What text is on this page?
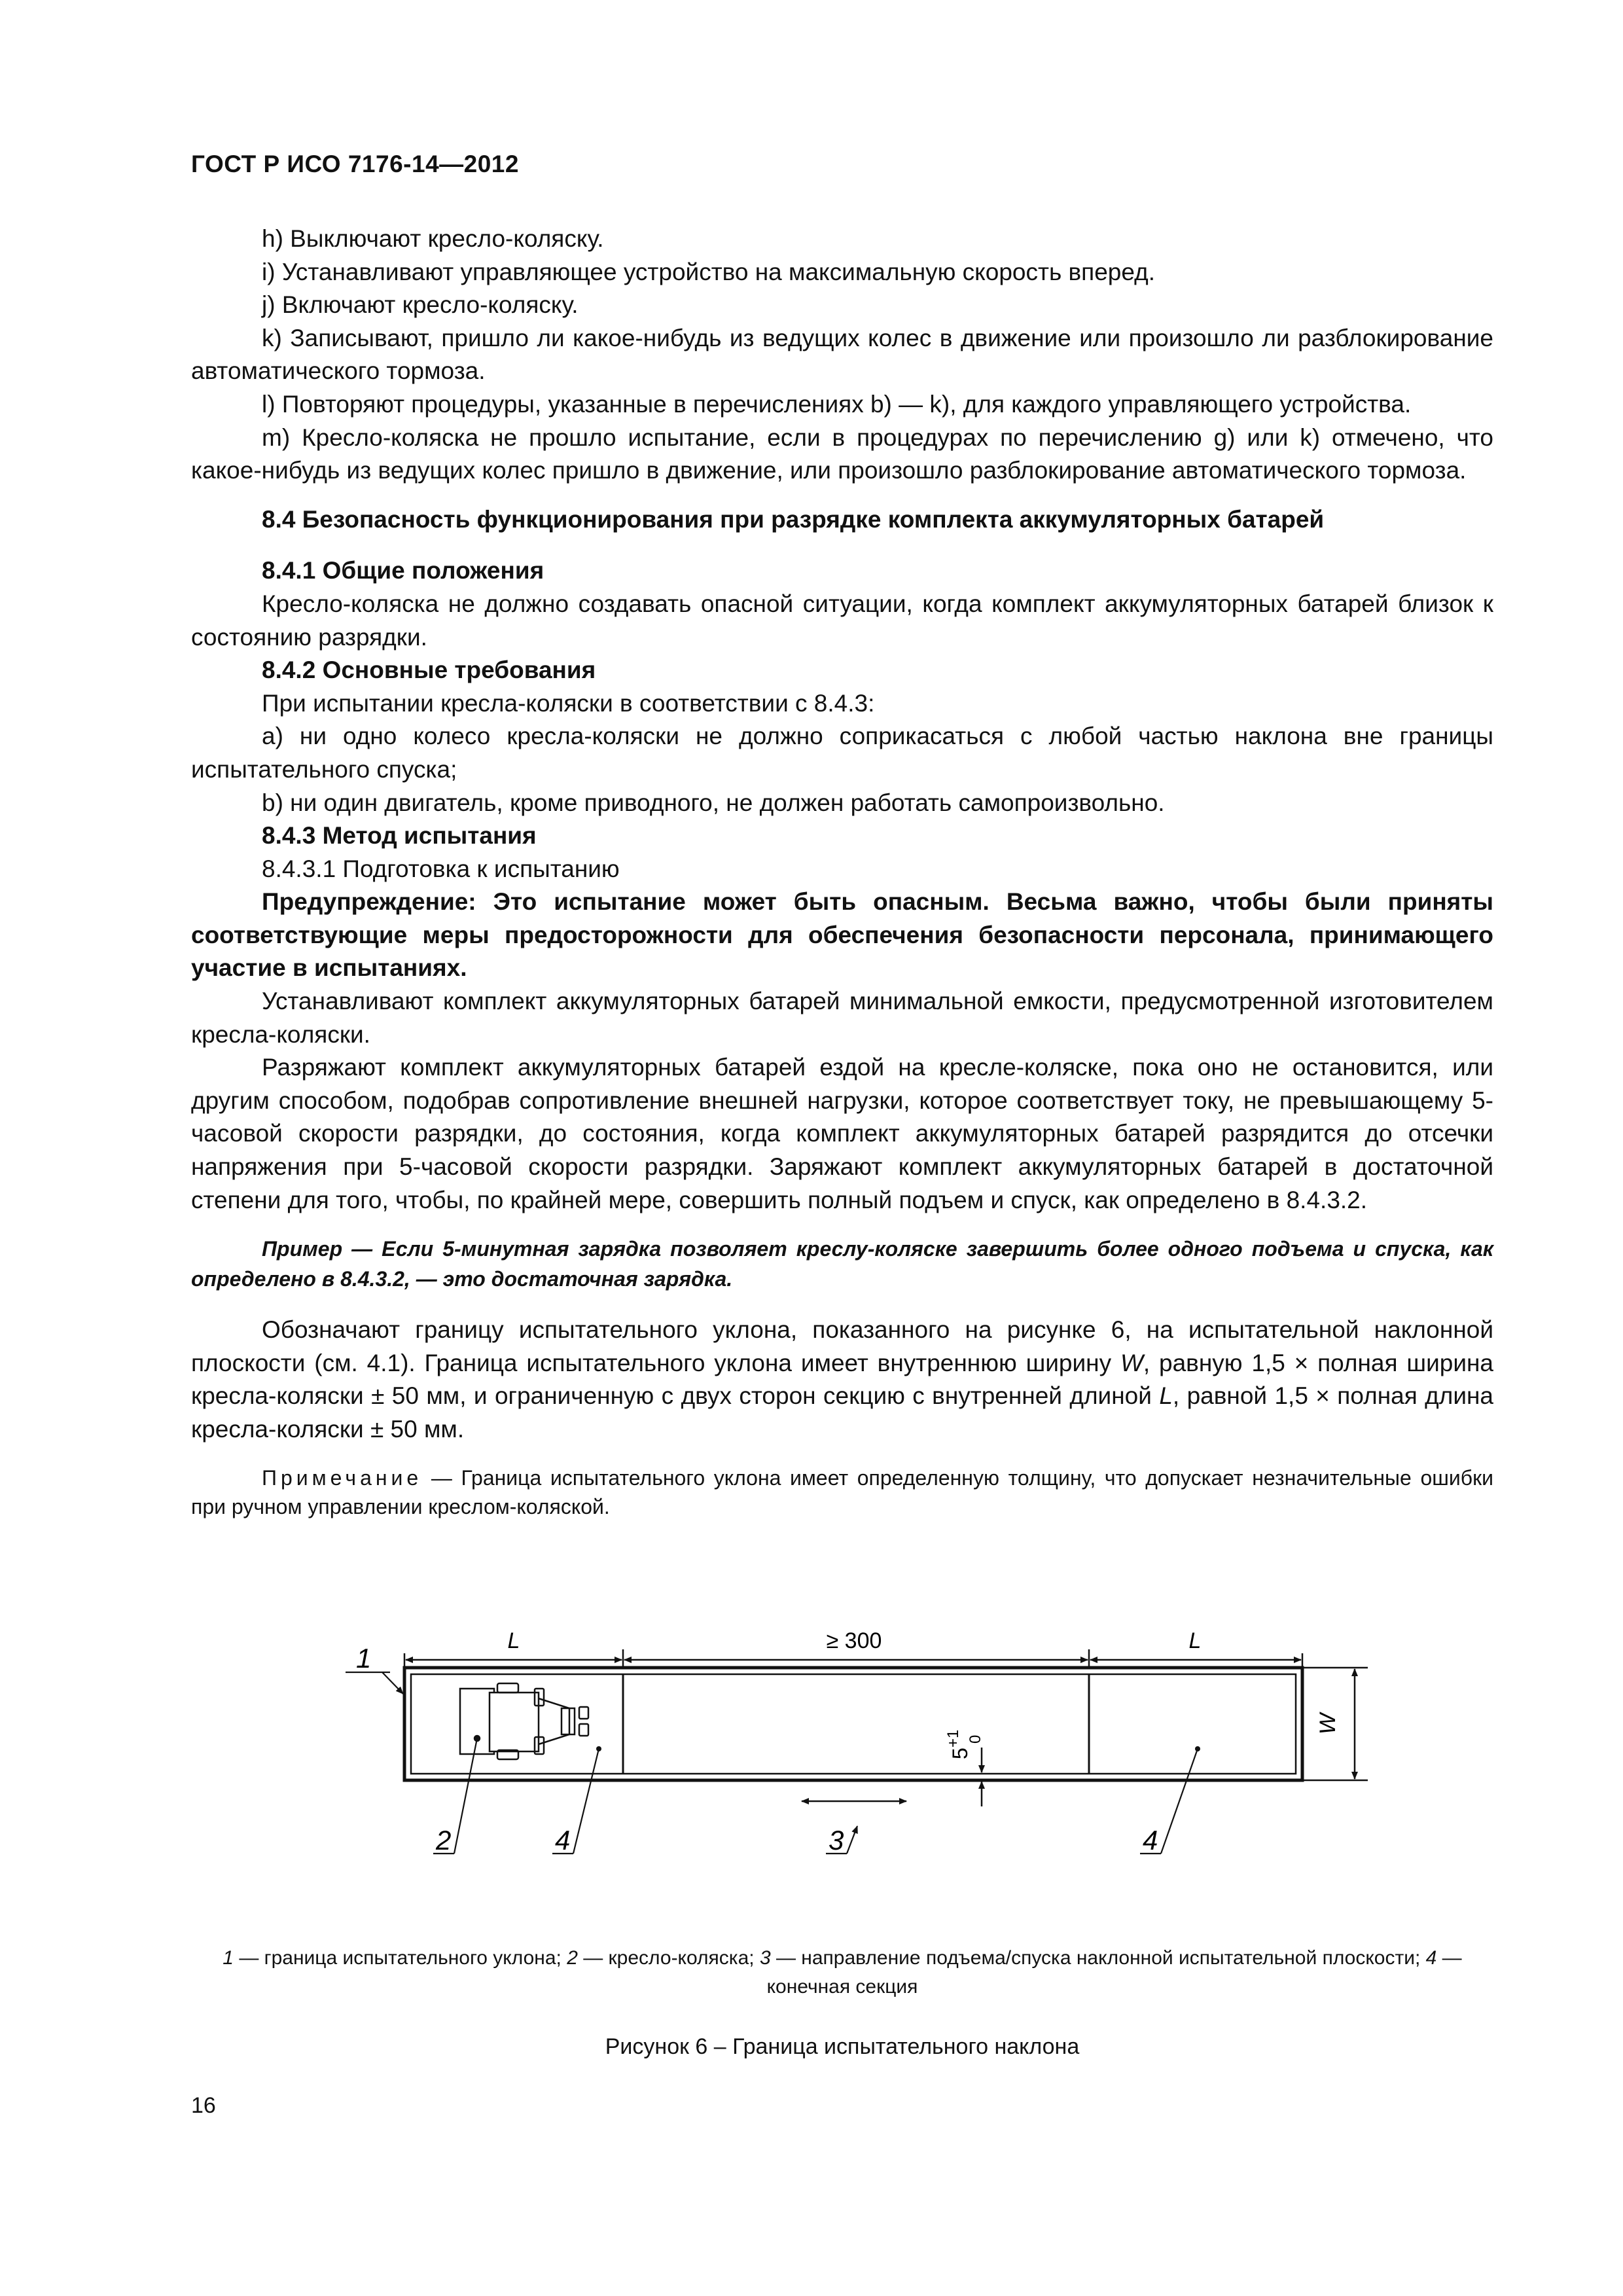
ГОСТ Р ИСО 7176-14—2012

h) Выключают кресло-коляску.

i) Устанавливают управляющее устройство на максимальную скорость вперед.

j) Включают кресло-коляску.

k) Записывают, пришло ли какое-нибудь из ведущих колес в движение или произошло ли разблокирование автоматического тормоза.

l) Повторяют процедуры, указанные в перечислениях b) — k), для каждого управляющего устройства.

m) Кресло-коляска не прошло испытание, если в процедурах по перечислению g) или k) отмечено, что какое-нибудь из ведущих колес пришло в движение, или произошло разблокирование автоматического тормоза.

8.4 Безопасность функционирования при разрядке комплекта аккумуляторных батарей

8.4.1 Общие положения

Кресло-коляска не должно создавать опасной ситуации, когда комплект аккумуляторных батарей близок к состоянию разрядки.

8.4.2 Основные требования

При испытании кресла-коляски в соответствии с 8.4.3:

a) ни одно колесо кресла-коляски не должно соприкасаться с любой частью наклона вне границы испытательного спуска;

b) ни один двигатель, кроме приводного, не должен работать самопроизвольно.

8.4.3 Метод испытания

8.4.3.1 Подготовка к испытанию

Предупреждение: Это испытание может быть опасным. Весьма важно, чтобы были приняты соответствующие меры предосторожности для обеспечения безопасности персонала, принимающего участие в испытаниях.

Устанавливают комплект аккумуляторных батарей минимальной емкости, предусмотренной изготовителем кресла-коляски.

Разряжают комплект аккумуляторных батарей ездой на кресле-коляске, пока оно не остановится, или другим способом, подобрав сопротивление внешней нагрузки, которое соответствует току, не превышающему 5-часовой скорости разрядки, до состояния, когда комплект аккумуляторных батарей разрядится до отсечки напряжения при 5-часовой скорости разрядки. Заряжают комплект аккумуляторных батарей в достаточной степени для того, чтобы, по крайней мере, совершить полный подъем и спуск, как определено в 8.4.3.2.

Пример — Если 5-минутная зарядка позволяет креслу-коляске завершить более одного подъема и спуска, как определено в 8.4.3.2, — это достаточная зарядка.

Обозначают границу испытательного уклона, показанного на рисунке 6, на испытательной наклонной плоскости (см. 4.1). Граница испытательного уклона имеет внутреннюю ширину W, равную 1,5 × полная ширина кресла-коляски ± 50 мм, и ограниченную с двух сторон секцию с внутренней длиной L, равной 1,5 × полная длина кресла-коляски ± 50 мм.

Примечание — Граница испытательного уклона имеет определенную толщину, что допускает незначительные ошибки при ручном управлении креслом-коляской.

L	≥ 300	L
W
5
+1 0
1
2	4	3	4
1 — граница испытательного уклона; 2 — кресло-коляска; 3 — направление подъема/спуска наклонной испытательной плоскости; 4 — конечная секция
Рисунок 6 – Граница испытательного наклона
16
